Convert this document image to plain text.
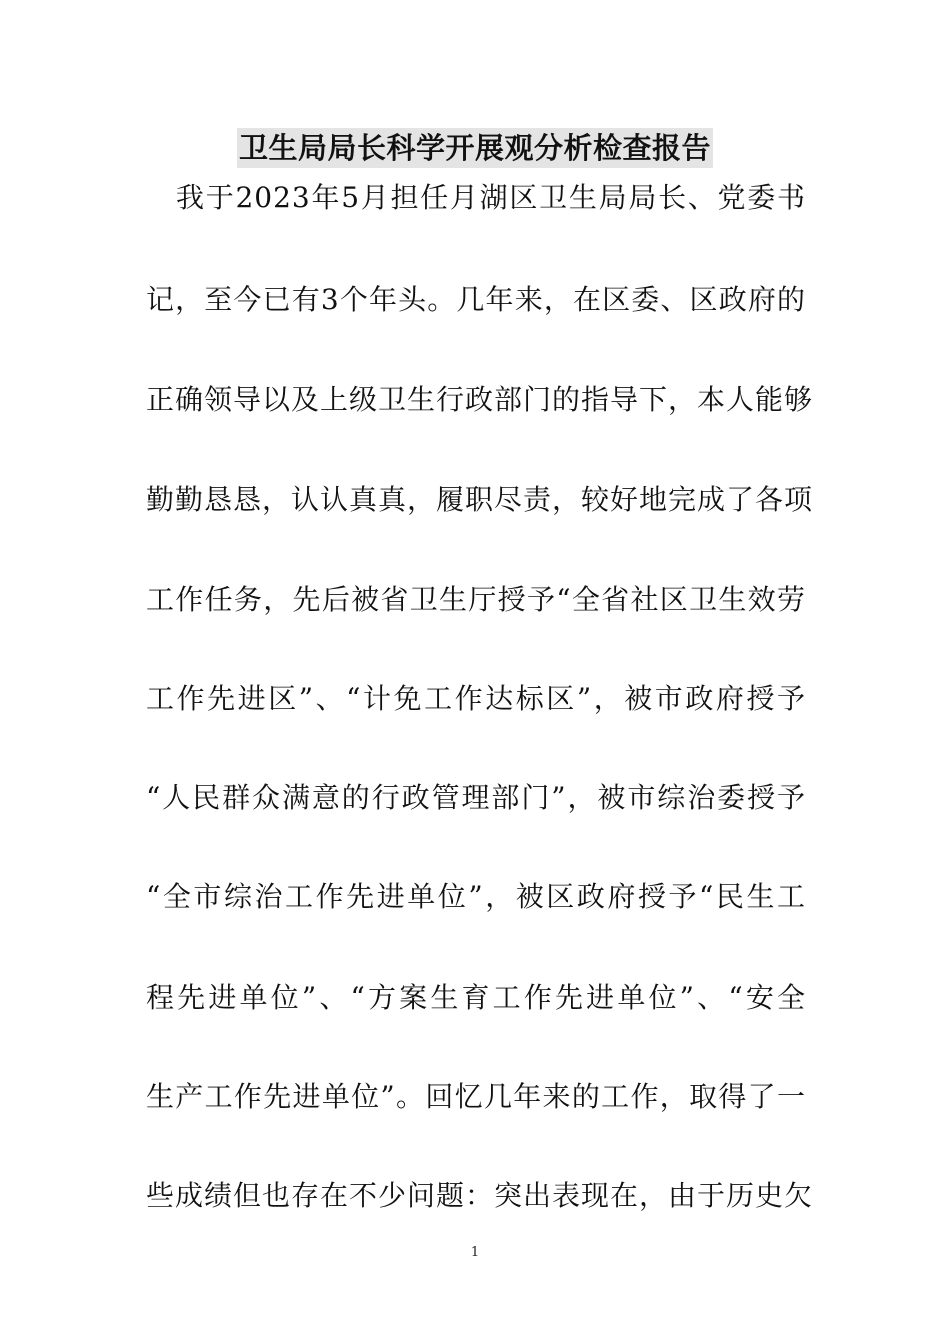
卫生局局长科学开展观分析检查报告
我于2023年5月担任月湖区卫生局局长、党委书
记，至今已有3个年头。几年来，在区委、区政府的
正确领导以及上级卫生行政部门的指导下，本人能够
勤勤恳恳，认认真真，履职尽责，较好地完成了各项
工作任务，先后被省卫生厅授予“全省社区卫生效劳
工作先进区”、“计免工作达标区”，被市政府授予
“人民群众满意的行政管理部门”，被市综治委授予
“全市综治工作先进单位”，被区政府授予“民生工
程先进单位”、“方案生育工作先进单位”、“安全
生产工作先进单位”。回忆几年来的工作，取得了一
些成绩但也存在不少问题：突出表现在，由于历史欠
1
